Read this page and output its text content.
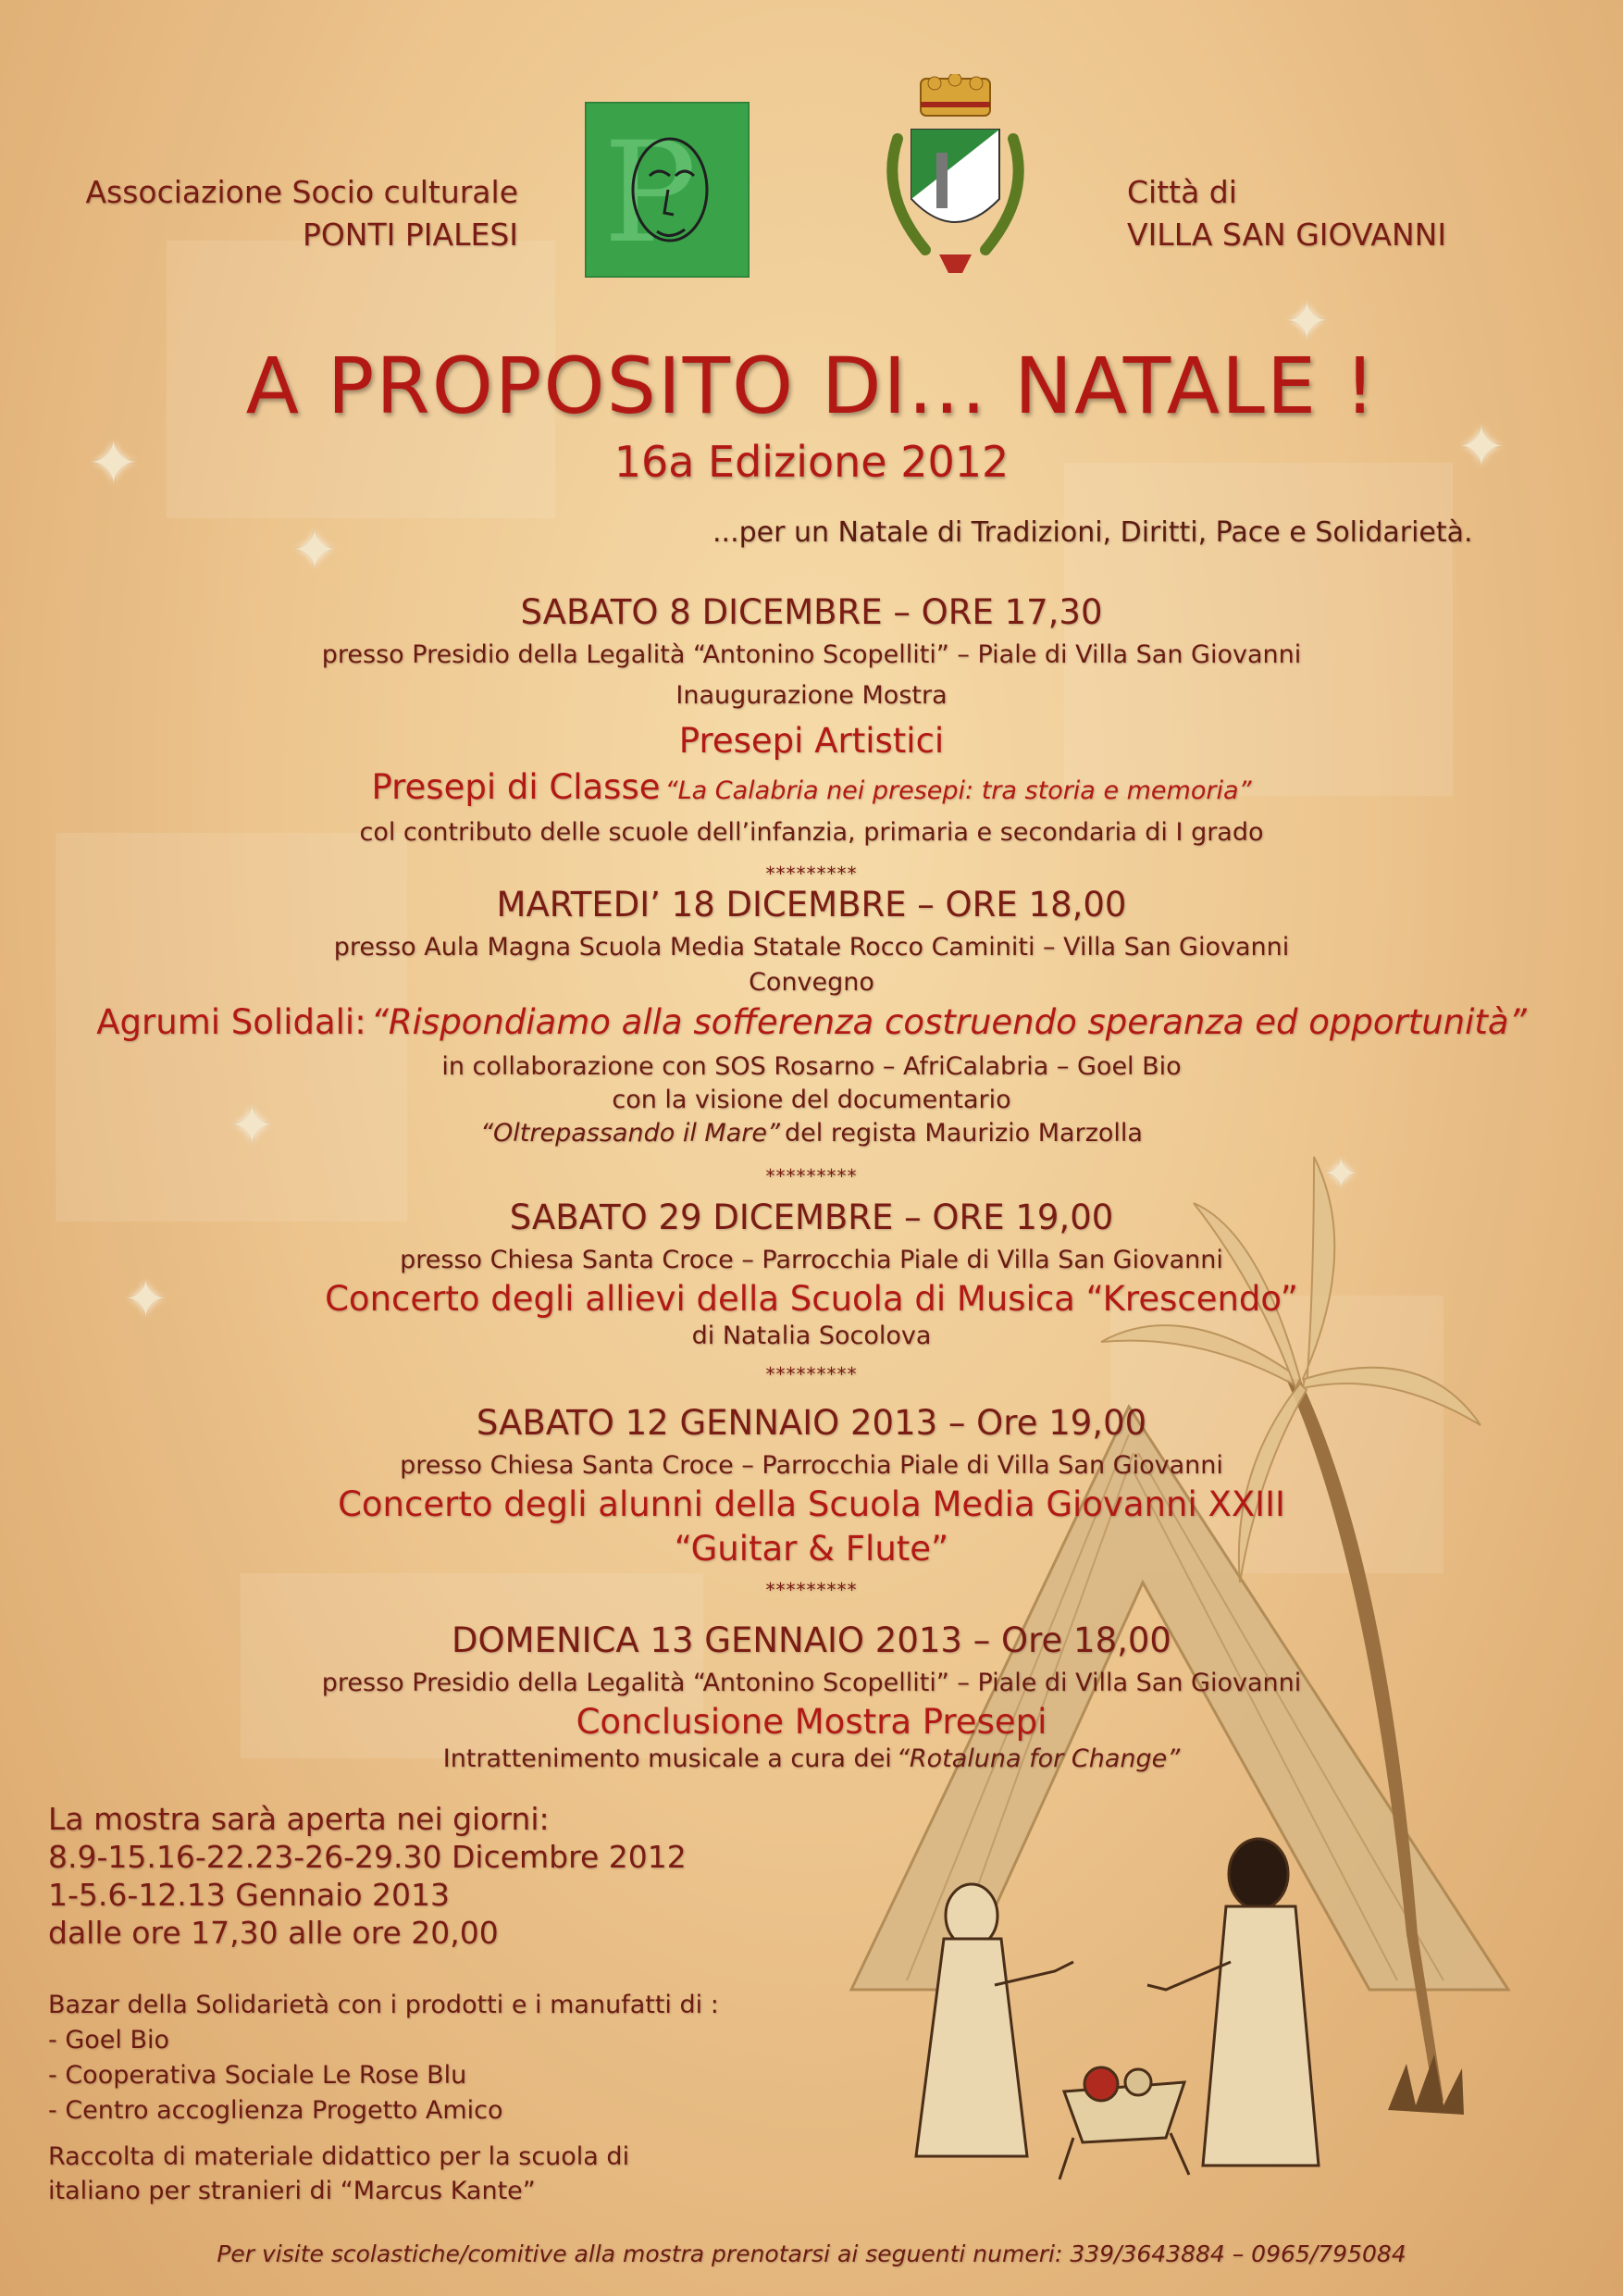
✦
✦
✦
✦
✦
✦
✦
Associazione Socio culturale
PONTI PIALESI P	Città di
VILLA SAN GIOVANNI
A PROPOSITO DI... NATALE !
16a Edizione 2012
...per un Natale di Tradizioni, Diritti, Pace e Solidarietà.
SABATO 8 DICEMBRE – ORE 17,30
presso Presidio della Legalità “Antonino Scopelliti” – Piale di Villa San Giovanni
Inaugurazione Mostra
Presepi Artistici
Presepi di Classe “La Calabria nei presepi: tra storia e memoria”
col contributo delle scuole dell’infanzia, primaria e secondaria di I grado
*********
MARTEDI’ 18 DICEMBRE – ORE 18,00
presso Aula Magna Scuola Media Statale Rocco Caminiti – Villa San Giovanni
Convegno
Agrumi Solidali: “Rispondiamo alla sofferenza costruendo speranza ed opportunità”
in collaborazione con SOS Rosarno – AfriCalabria – Goel Bio
con la visione del documentario
“Oltrepassando il Mare” del regista Maurizio Marzolla
*********
SABATO 29 DICEMBRE – ORE 19,00
presso Chiesa Santa Croce – Parrocchia Piale di Villa San Giovanni
Concerto degli allievi della Scuola di Musica “Krescendo”
di Natalia Socolova
*********
SABATO 12 GENNAIO 2013 – Ore 19,00
presso Chiesa Santa Croce – Parrocchia Piale di Villa San Giovanni
Concerto degli alunni della Scuola Media Giovanni XXIII
“Guitar & Flute”
*********
DOMENICA 13 GENNAIO 2013 – Ore 18,00
presso Presidio della Legalità “Antonino Scopelliti” – Piale di Villa San Giovanni
Conclusione Mostra Presepi
Intrattenimento musicale a cura dei “Rotaluna for Change”
La mostra sarà aperta nei giorni:
8.9-15.16-22.23-26-29.30 Dicembre 2012
1-5.6-12.13 Gennaio 2013
dalle ore 17,30 alle ore 20,00
Bazar della Solidarietà con i prodotti e i manufatti di :
- Goel Bio
- Cooperativa Sociale Le Rose Blu
- Centro accoglienza Progetto Amico
Raccolta di materiale didattico per la scuola di
italiano per stranieri di “Marcus Kante”
Per visite scolastiche/comitive alla mostra prenotarsi ai seguenti numeri: 339/3643884 – 0965/795084
